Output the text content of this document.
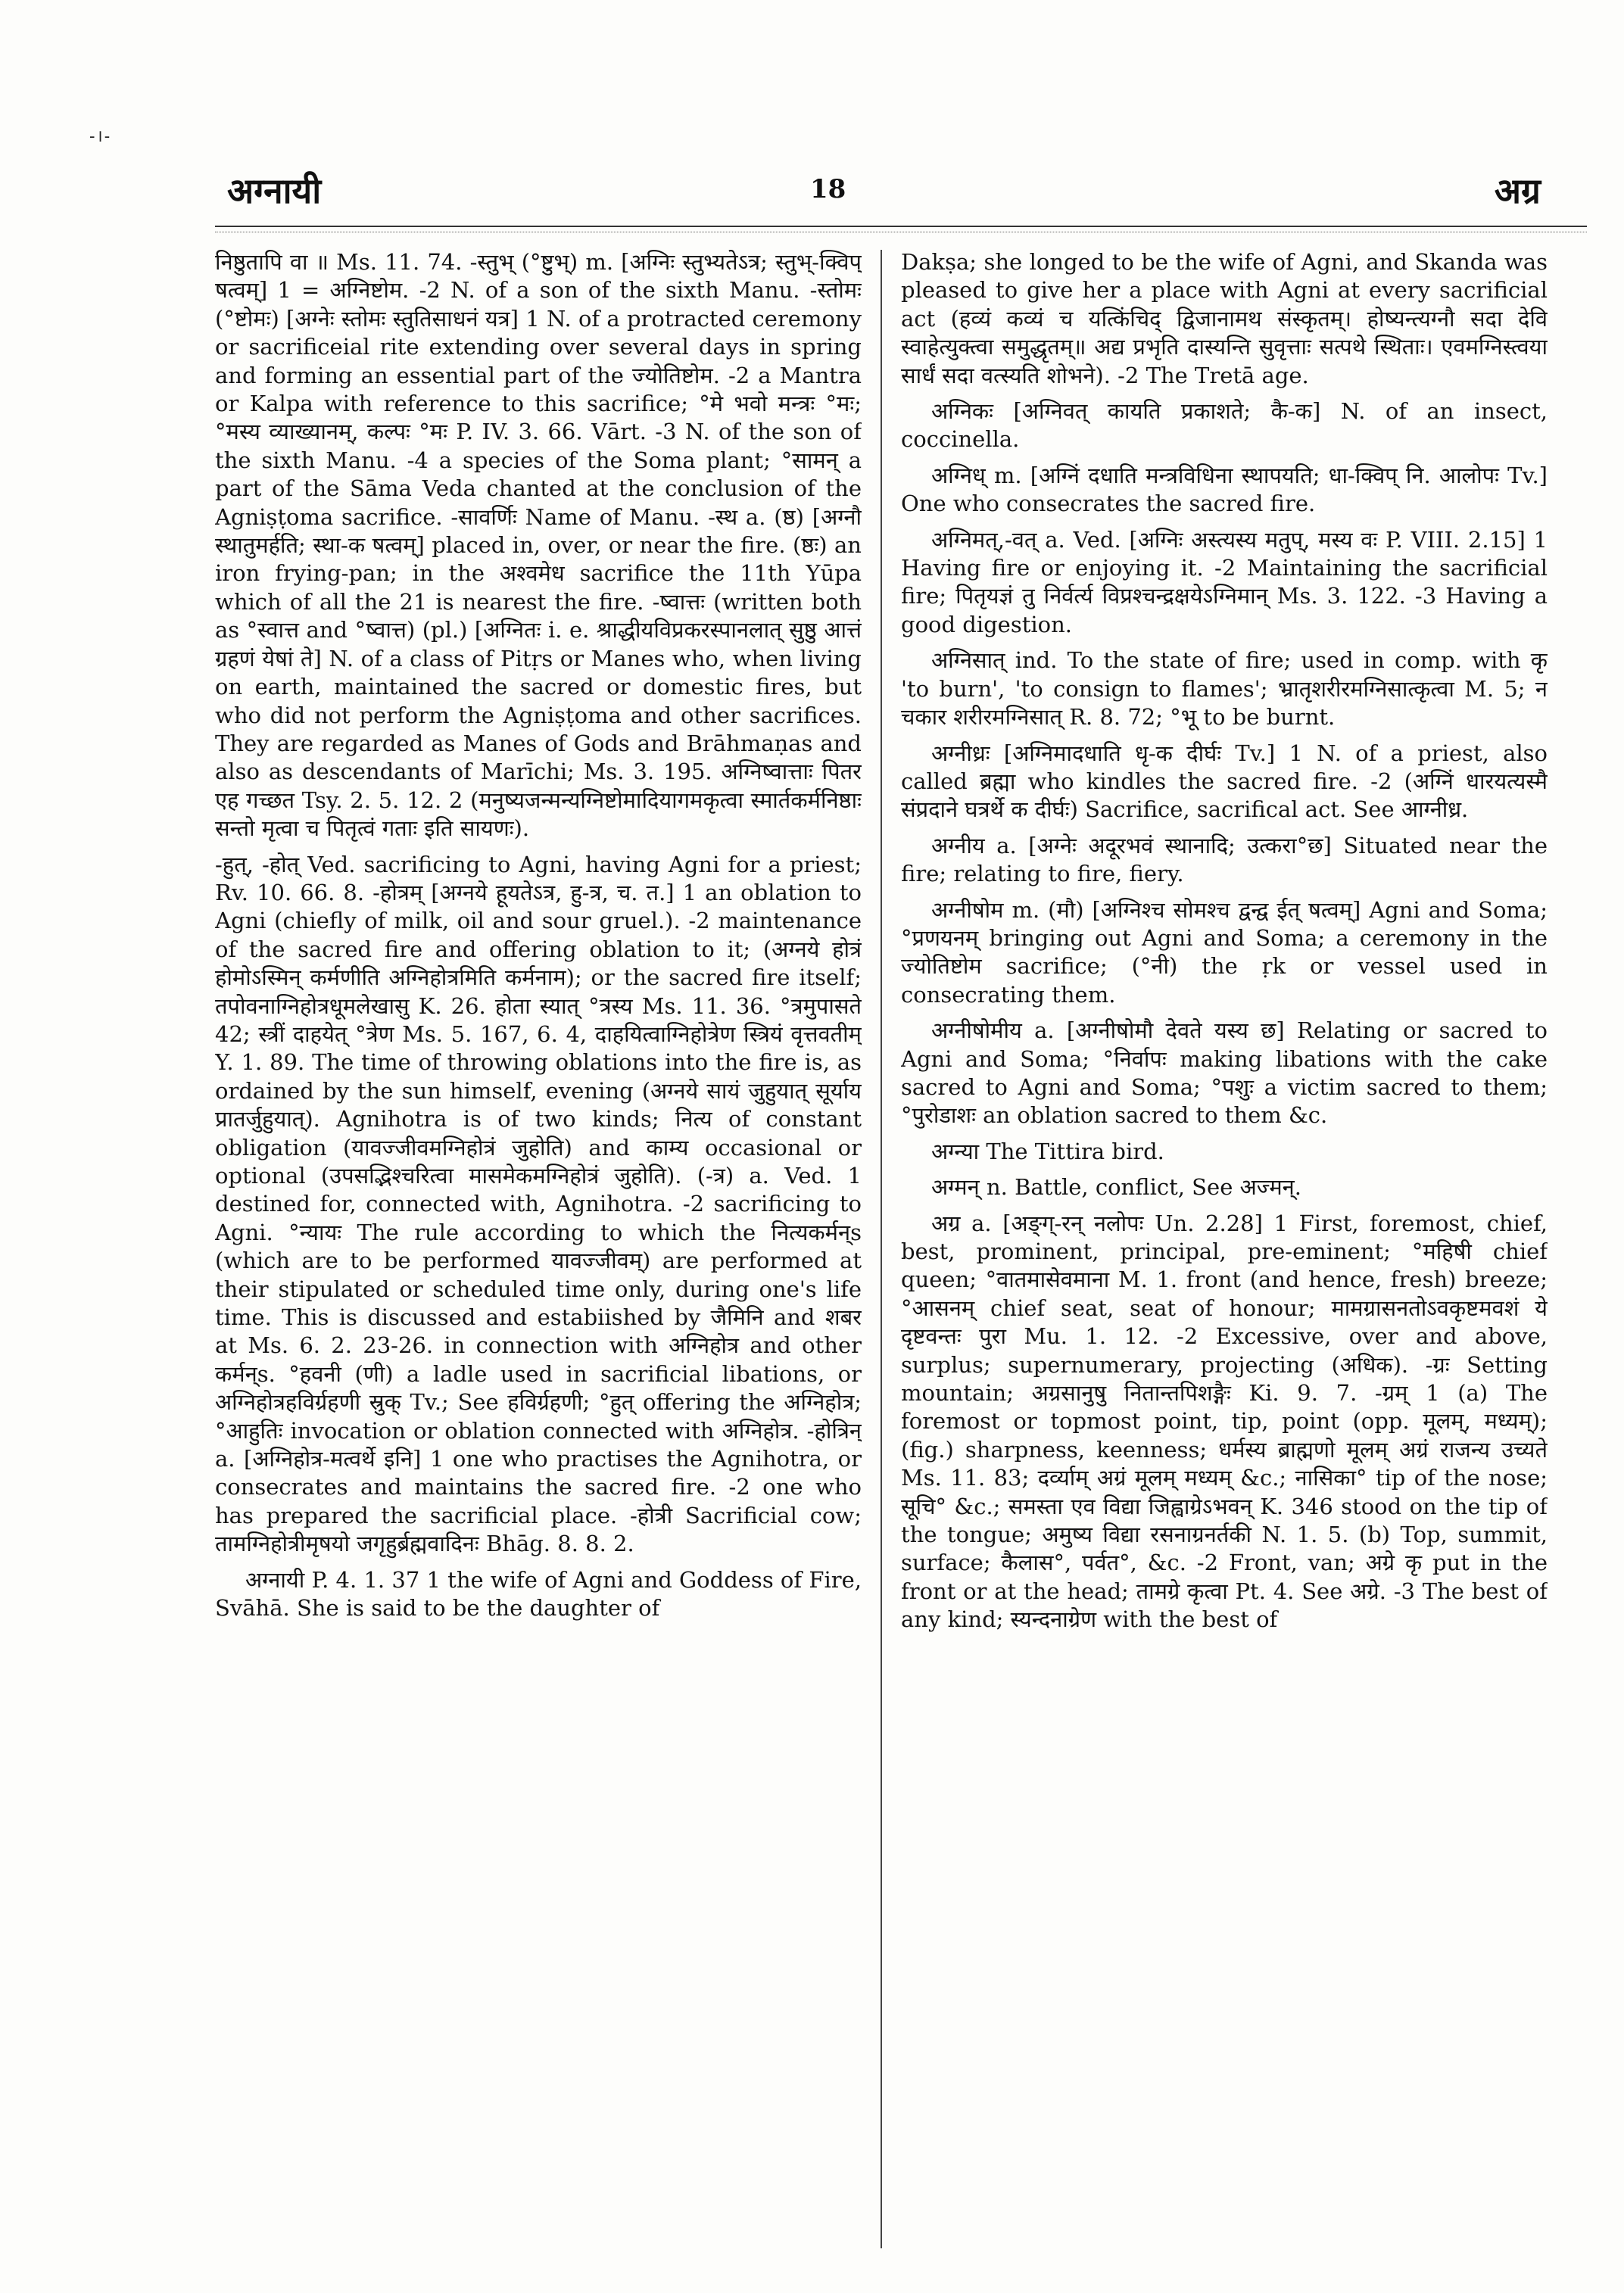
-।-
अग्नायी	18	अग्र

निष्ठुतापि वा ॥ Ms. 11. 74. -स्तुभ् (°ष्टुभ्) m. [अग्निः स्तुभ्यतेऽत्र; स्तुभ्-क्विप् षत्वम्] 1 = अग्निष्टोम. -2 N. of a son of the sixth Manu. -स्तोमः (°ष्टोमः) [अग्नेः स्तोमः स्तुतिसाधनं यत्र] 1 N. of a protracted ceremony or sacrificeial rite extending over several days in spring and forming an essential part of the ज्योतिष्टोम. -2 a Mantra or Kalpa with reference to this sacrifice; °मे भवो मन्त्रः °मः; °मस्य व्याख्यानम्, कल्पः °मः P. IV. 3. 66. Vārt. -3 N. of the son of the sixth Manu. -4 a species of the Soma plant; °सामन् a part of the Sāma Veda chanted at the conclusion of the Agniṣṭoma sacrifice. -सावर्णिः Name of Manu. -स्थ a. (ष्ठ) [अग्नौ स्थातुमर्हति; स्था-क षत्वम्] placed in, over, or near the fire. (ष्ठः) an iron frying-pan; in the अश्वमेध sacrifice the 11th Yūpa which of all the 21 is nearest the fire. -ष्वात्तः (written both as °स्वात्त and °ष्वात्त) (pl.) [अग्नितः i. e. श्राद्धीयविप्रकरस्पानलात् सुष्ठु आत्तं ग्रहणं येषां ते] N. of a class of Pitṛs or Manes who, when living on earth, maintained the sacred or domestic fires, but who did not perform the Agniṣṭoma and other sacrifices. They are regarded as Manes of Gods and Brāhmaṇas and also as descendants of Marīchi; Ms. 3. 195. अग्निष्वात्ताः पितर एह गच्छत Tsy. 2. 5. 12. 2 (मनुष्यजन्मन्यग्निष्टोमादियागमकृत्वा स्मार्तकर्मनिष्ठाः सन्तो मृत्वा च पितृत्वं गताः इति सायणः).

-हुत्, -होत् Ved. sacrificing to Agni, having Agni for a priest; Rv. 10. 66. 8. -होत्रम् [अग्नये हूयतेऽत्र, हु-त्र, च. त.] 1 an oblation to Agni (chiefly of milk, oil and sour gruel.). -2 maintenance of the sacred fire and offering oblation to it; (अग्नये होत्रं होमोऽस्मिन् कर्मणीति अग्निहोत्रमिति कर्मनाम); or the sacred fire itself; तपोवनाग्निहोत्रधूमलेखासु K. 26. होता स्यात् °त्रस्य Ms. 11. 36. °त्रमुपासते 42; स्त्रीं दाहयेत् °त्रेण Ms. 5. 167, 6. 4, दाहयित्वाग्निहोत्रेण स्त्रियं वृत्तवतीम् Y. 1. 89. The time of throwing oblations into the fire is, as ordained by the sun himself, evening (अग्नये सायं जुहुयात् सूर्याय प्रातर्जुहुयात्). Agnihotra is of two kinds; नित्य of constant obligation (यावज्जीवमग्निहोत्रं जुहोति) and काम्य occasional or optional (उपसद्भिश्चरित्वा मासमेकमग्निहोत्रं जुहोति). (-त्र) a. Ved. 1 destined for, connected with, Agnihotra. -2 sacrificing to Agni. °न्यायः The rule according to which the नित्यकर्मन्s (which are to be performed यावज्जीवम्) are performed at their stipulated or scheduled time only, during one's life time. This is discussed and estabiished by जैमिनि and शबर at Ms. 6. 2. 23-26. in connection with अग्निहोत्र and other कर्मन्s. °हवनी (णी) a ladle used in sacrificial libations, or अग्निहोत्रहविर्ग्रहणी स्रुक् Tv.; See हविर्ग्रहणी; °हुत् offering the अग्निहोत्र; °आहुतिः invocation or oblation connected with अग्निहोत्र. -होत्रिन् a. [अग्निहोत्र-मत्वर्थे इनि] 1 one who practises the Agnihotra, or consecrates and maintains the sacred fire. -2 one who has prepared the sacrificial place. -होत्री Sacrificial cow; तामग्निहोत्रीमृषयो जगृहुर्ब्रह्मवादिनः Bhāg. 8. 8. 2.

अग्नायी P. 4. 1. 37 1 the wife of Agni and Goddess of Fire, Svāhā. She is said to be the daughter of

Dakṣa; she longed to be the wife of Agni, and Skanda was pleased to give her a place with Agni at every sacrificial act (हव्यं कव्यं च यत्किंचिद् द्विजानामथ संस्कृतम्। होष्यन्त्यग्नौ सदा देवि स्वाहेत्युक्त्वा समुद्धृतम्॥ अद्य प्रभृति दास्यन्ति सुवृत्ताः सत्पथे स्थिताः। एवमग्निस्त्वया सार्धं सदा वत्स्यति शोभने). -2 The Tretā age.

अग्निकः [अग्निवत् कायति प्रकाशते; कै-क] N. of an insect, coccinella.

अग्निध् m. [अग्निं दधाति मन्त्रविधिना स्थापयति; धा-क्विप् नि. आलोपः Tv.] One who consecrates the sacred fire.

अग्निमत्,-वत् a. Ved. [अग्निः अस्त्यस्य मतुप्, मस्य वः P. VIII. 2.15] 1 Having fire or enjoying it. -2 Maintaining the sacrificial fire; पितृयज्ञं तु निर्वर्त्य विप्रश्चन्द्रक्षयेऽग्निमान् Ms. 3. 122. -3 Having a good digestion.

अग्निसात् ind. To the state of fire; used in comp. with कृ 'to burn', 'to consign to flames'; भ्रातृशरीरमग्निसात्कृत्वा M. 5; न चकार शरीरमग्निसात् R. 8. 72; °भू to be burnt.

अग्नीध्रः [अग्निमादधाति धृ-क दीर्घः Tv.] 1 N. of a priest, also called ब्रह्मा who kindles the sacred fire. -2 (अग्निं धारयत्यस्मै संप्रदाने घत्रर्थे क दीर्घः) Sacrifice, sacrifical act. See आग्नीध्र.

अग्नीय a. [अग्नेः अदूरभवं स्थानादि; उत्करा°छ] Situated near the fire; relating to fire, fiery.

अग्नीषोम m. (मौ) [अग्निश्च सोमश्च द्वन्द्व ईत् षत्वम्] Agni and Soma; °प्रणयनम् bringing out Agni and Soma; a ceremony in the ज्योतिष्टोम sacrifice; (°नी) the ṛk or vessel used in consecrating them.

अग्नीषोमीय a. [अग्नीषोमौ देवते यस्य छ] Relating or sacred to Agni and Soma; °निर्वापः making libations with the cake sacred to Agni and Soma; °पशुः a victim sacred to them; °पुरोडाशः an oblation sacred to them &c.

अग्न्या The Tittira bird.

अग्मन् n. Battle, conflict, See अज्मन्.

अग्र a. [अङ्ग्-रन् नलोपः Un. 2.28] 1 First, foremost, chief, best, prominent, principal, pre-eminent; °महिषी chief queen; °वातमासेवमाना M. 1. front (and hence, fresh) breeze; °आसनम् chief seat, seat of honour; मामग्रासनतोऽवकृष्टमवशं ये दृष्टवन्तः पुरा Mu. 1. 12. -2 Excessive, over and above, surplus; supernumerary, projecting (अधिक). -ग्रः Setting mountain; अग्रसानुषु नितान्तपिशङ्गैः Ki. 9. 7. -ग्रम् 1 (a) The foremost or topmost point, tip, point (opp. मूलम्, मध्यम्); (fig.) sharpness, keenness; धर्मस्य ब्राह्मणो मूलम् अग्रं राजन्य उच्यते Ms. 11. 83; दर्व्याम् अग्रं मूलम् मध्यम् &c.; नासिका° tip of the nose; सूचि° &c.; समस्ता एव विद्या जिह्वाग्रेऽभवन् K. 346 stood on the tip of the tongue; अमुष्य विद्या रसनाग्रनर्तकी N. 1. 5. (b) Top, summit, surface; कैलास°, पर्वत°, &c. -2 Front, van; अग्रे कृ put in the front or at the head; तामग्रे कृत्वा Pt. 4. See अग्रे. -3 The best of any kind; स्यन्दनाग्रेण with the best of
